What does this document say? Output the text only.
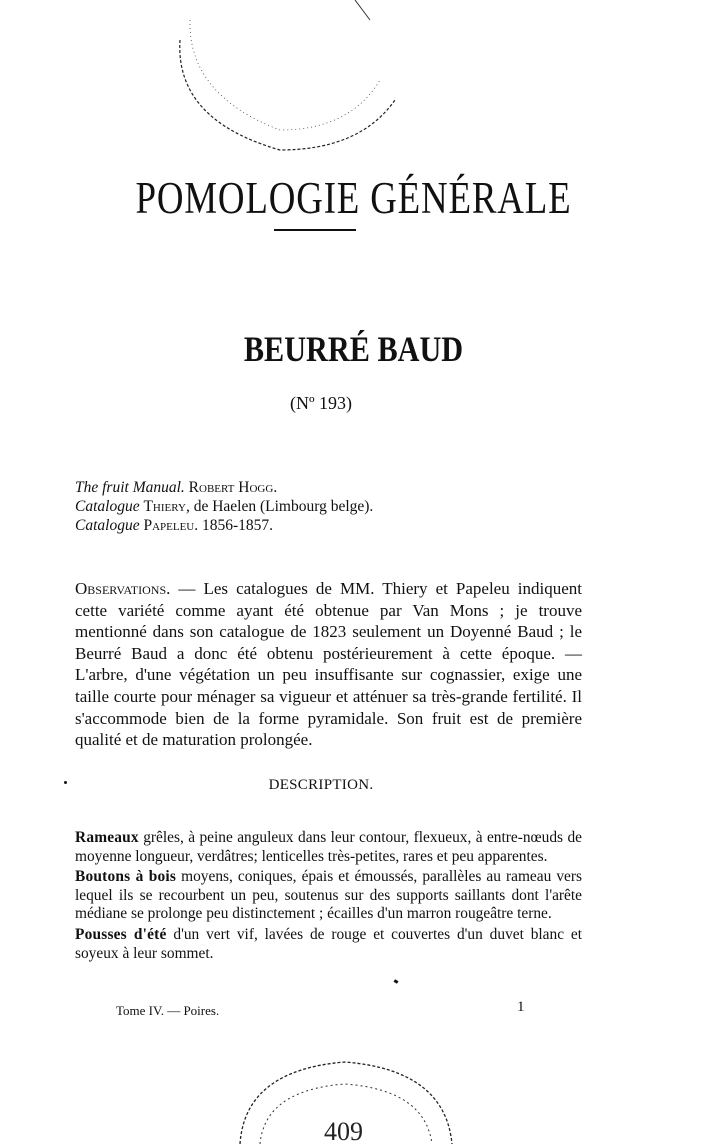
POMOLOGIE GÉNÉRALE
BEURRÉ BAUD
(Nº 193)
The fruit Manual. Robert Hogg.
Catalogue Thiery, de Haelen (Limbourg belge).
Catalogue Papeleu. 1856-1857.
Observations. — Les catalogues de MM. Thiery et Papeleu indiquent cette variété comme ayant été obtenue par Van Mons ; je trouve mentionné dans son catalogue de 1823 seulement un Doyenné Baud ; le Beurré Baud a donc été obtenu postérieurement à cette époque. — L'arbre, d'une végétation un peu insuffisante sur cognassier, exige une taille courte pour ménager sa vigueur et atténuer sa très-grande fertilité. Il s'accommode bien de la forme pyramidale. Son fruit est de première qualité et de maturation prolongée.
DESCRIPTION.

Rameaux grêles, à peine anguleux dans leur contour, flexueux, à entre-nœuds de moyenne longueur, verdâtres; lenticelles très-petites, rares et peu apparentes.

Boutons à bois moyens, coniques, épais et émoussés, parallèles au rameau vers lequel ils se recourbent un peu, soutenus sur des supports saillants dont l'arête médiane se prolonge peu distinctement ; écailles d'un marron rougeâtre terne.

Pousses d'été d'un vert vif, lavées de rouge et couvertes d'un duvet blanc et soyeux à leur sommet.

Tome IV. — Poires.	1
409
